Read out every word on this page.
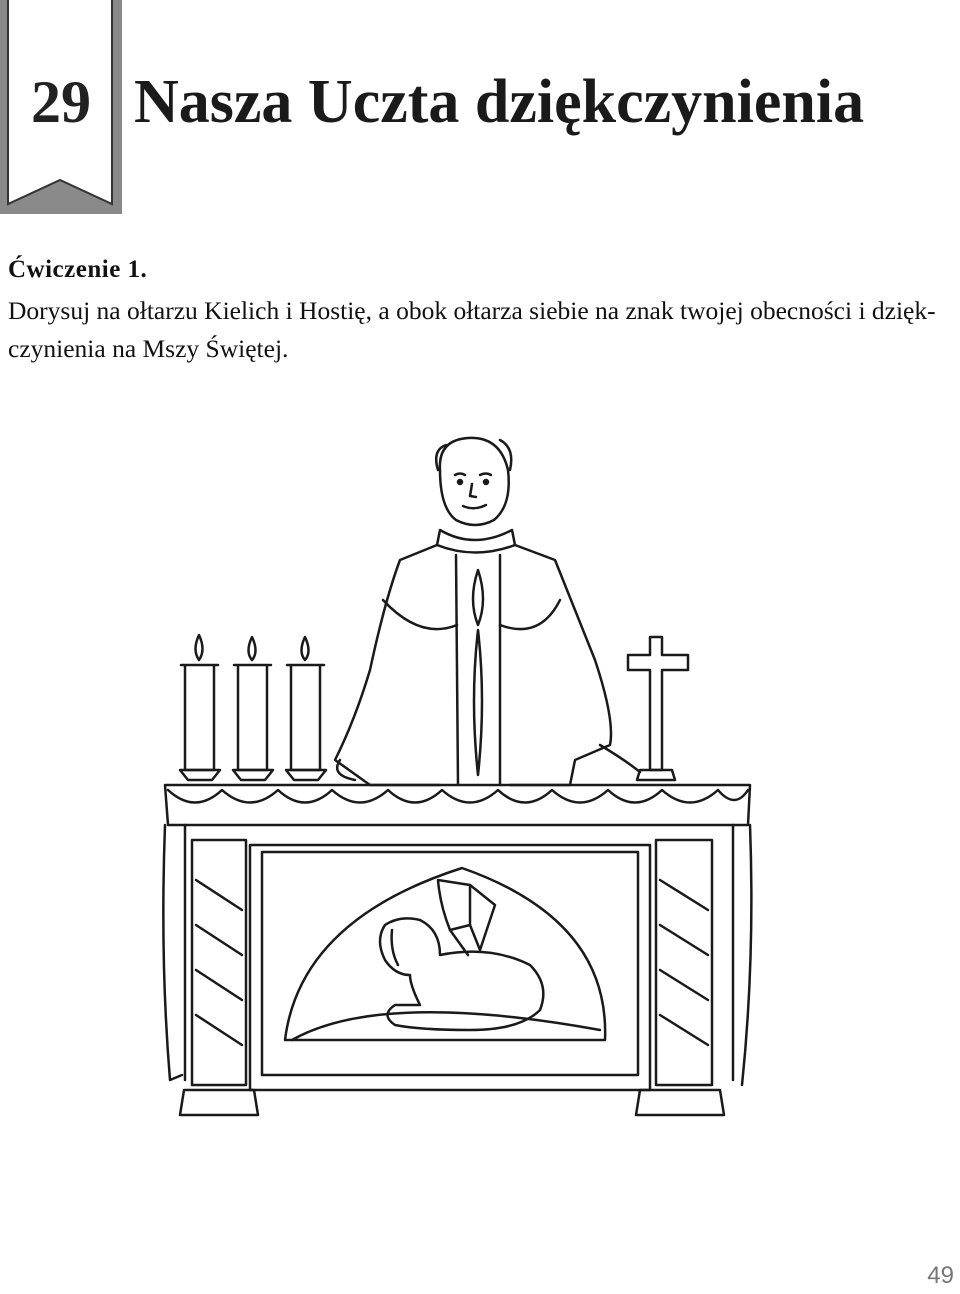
29 Nasza Uczta dziękczynienia
Ćwiczenie 1.
Dorysuj na ołtarzu Kielich i Hostię, a obok ołtarza siebie na znak twojej obecności i dzięk-
czynienia na Mszy Świętej.
49
